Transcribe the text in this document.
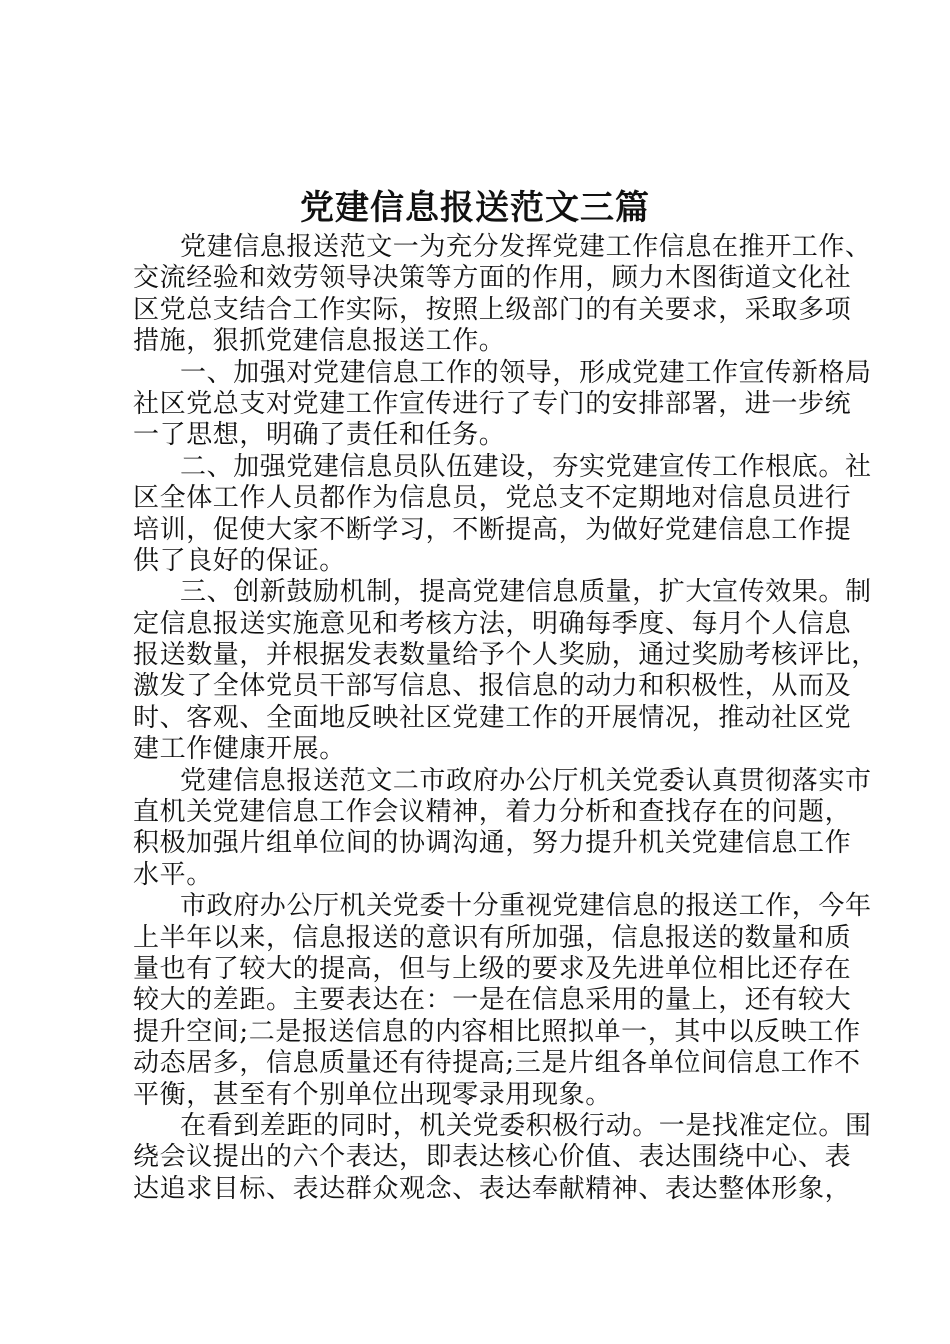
党建信息报送范文三篇
党建信息报送范文一为充分发挥党建工作信息在推开工作、
交流经验和效劳领导决策等方面的作用，顾力木图街道文化社
区党总支结合工作实际，按照上级部门的有关要求，采取多项
措施，狠抓党建信息报送工作。
一、加强对党建信息工作的领导，形成党建工作宣传新格局
社区党总支对党建工作宣传进行了专门的安排部署，进一步统
一了思想，明确了责任和任务。
二、加强党建信息员队伍建设，夯实党建宣传工作根底。社
区全体工作人员都作为信息员，党总支不定期地对信息员进行
培训，促使大家不断学习，不断提高，为做好党建信息工作提
供了良好的保证。
三、创新鼓励机制，提高党建信息质量，扩大宣传效果。制
定信息报送实施意见和考核方法，明确每季度、每月个人信息
报送数量，并根据发表数量给予个人奖励，通过奖励考核评比，
激发了全体党员干部写信息、报信息的动力和积极性，从而及
时、客观、全面地反映社区党建工作的开展情况，推动社区党
建工作健康开展。
党建信息报送范文二市政府办公厅机关党委认真贯彻落实市
直机关党建信息工作会议精神，着力分析和查找存在的问题，
积极加强片组单位间的协调沟通，努力提升机关党建信息工作
水平。
市政府办公厅机关党委十分重视党建信息的报送工作，今年
上半年以来，信息报送的意识有所加强，信息报送的数量和质
量也有了较大的提高，但与上级的要求及先进单位相比还存在
较大的差距。主要表达在：一是在信息采用的量上，还有较大
提升空间;二是报送信息的内容相比照拟单一，其中以反映工作
动态居多，信息质量还有待提高;三是片组各单位间信息工作不
平衡，甚至有个别单位出现零录用现象。
在看到差距的同时，机关党委积极行动。一是找准定位。围
绕会议提出的六个表达，即表达核心价值、表达围绕中心、表
达追求目标、表达群众观念、表达奉献精神、表达整体形象，
